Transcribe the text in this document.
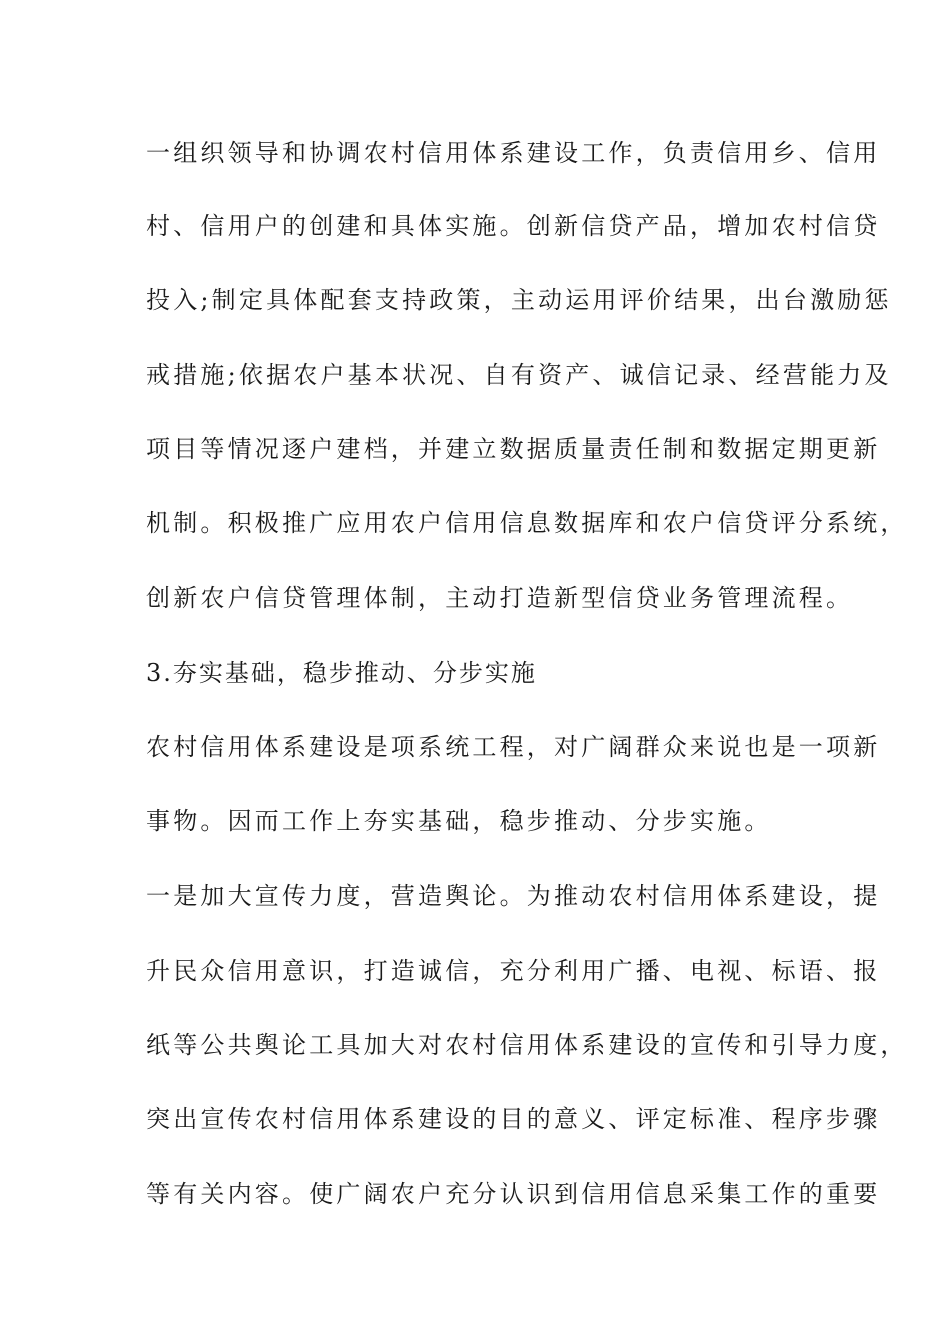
一组织领导和协调农村信用体系建设工作，负责信用乡、信用
村、信用户的创建和具体实施。创新信贷产品，增加农村信贷
投入;制定具体配套支持政策，主动运用评价结果，出台激励惩
戒措施;依据农户基本状况、自有资产、诚信记录、经营能力及
项目等情况逐户建档，并建立数据质量责任制和数据定期更新
机制。积极推广应用农户信用信息数据库和农户信贷评分系统，
创新农户信贷管理体制，主动打造新型信贷业务管理流程。
3.夯实基础，稳步推动、分步实施
农村信用体系建设是项系统工程，对广阔群众来说也是一项新
事物。因而工作上夯实基础，稳步推动、分步实施。
一是加大宣传力度，营造舆论。为推动农村信用体系建设，提
升民众信用意识，打造诚信，充分利用广播、电视、标语、报
纸等公共舆论工具加大对农村信用体系建设的宣传和引导力度，
突出宣传农村信用体系建设的目的意义、评定标准、程序步骤
等有关内容。使广阔农户充分认识到信用信息采集工作的重要
